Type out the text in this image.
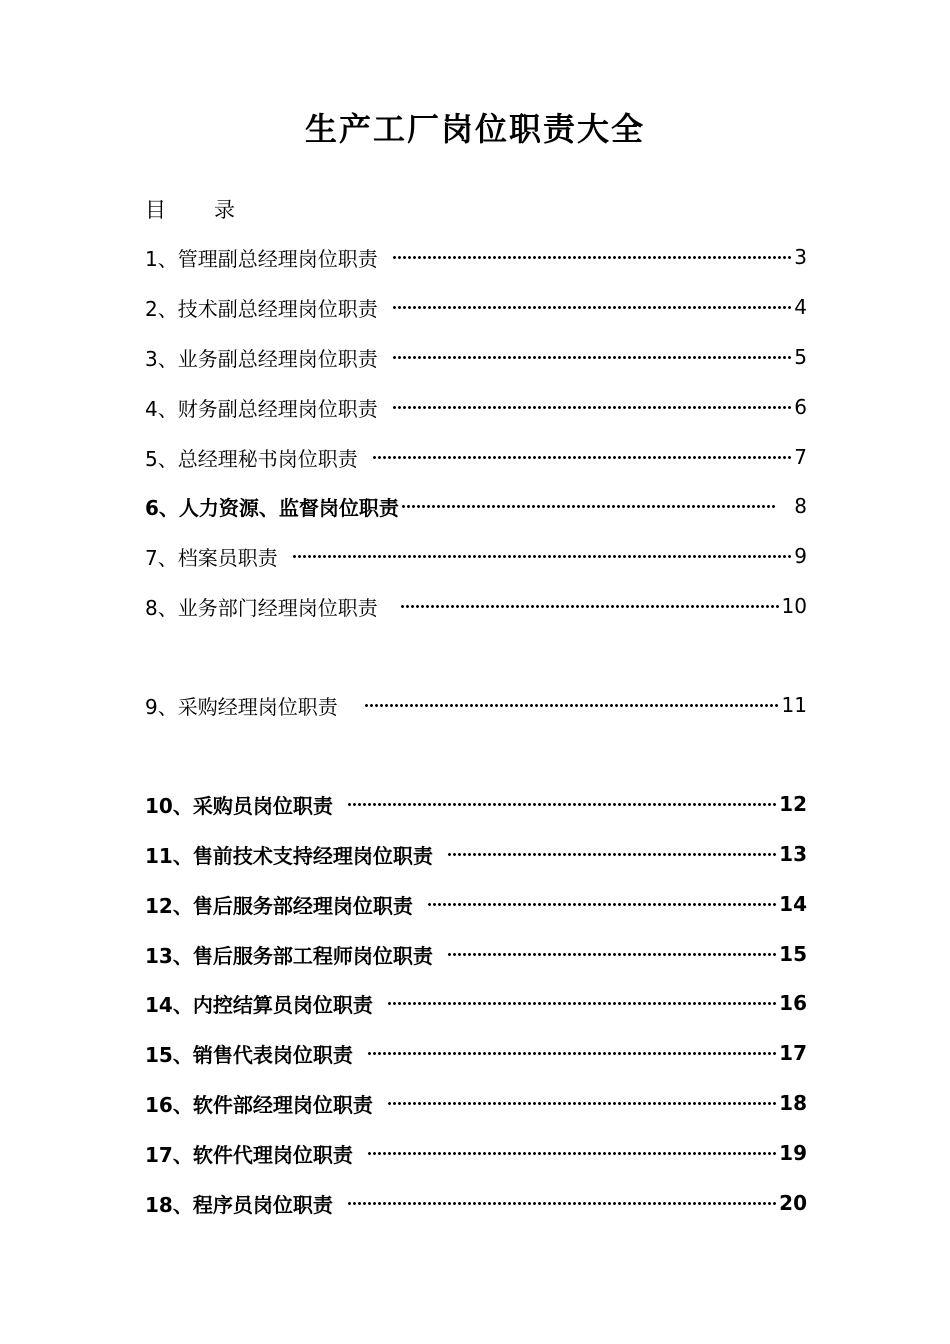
生产工厂岗位职责大全
目 录
1、管理副总经理岗位职责	3
2、技术副总经理岗位职责	4
3、业务副总经理岗位职责	5
4、财务副总经理岗位职责	6
5、总经理秘书岗位职责	7
6、人力资源、监督岗位职责	8
7、档案员职责	9
8、业务部门经理岗位职责	10
9、采购经理岗位职责	11
10、采购员岗位职责	12
11、售前技术支持经理岗位职责	13
12、售后服务部经理岗位职责	14
13、售后服务部工程师岗位职责	15
14、内控结算员岗位职责	16
15、销售代表岗位职责	17
16、软件部经理岗位职责	18
17、软件代理岗位职责	19
18、程序员岗位职责	20
